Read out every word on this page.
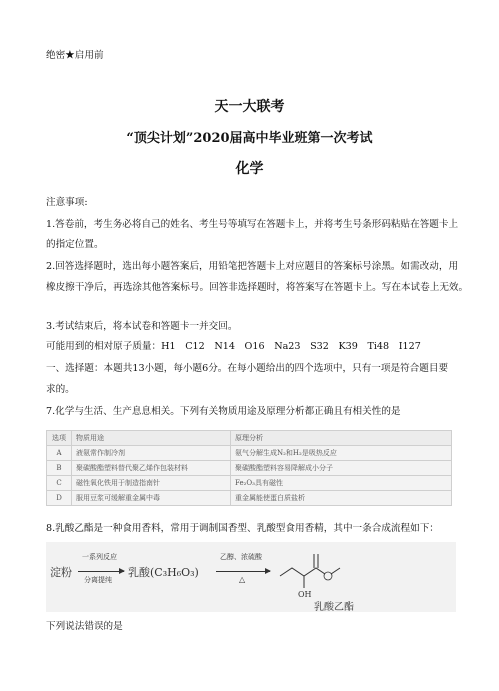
绝密★启用前
天一大联考
“顶尖计划”2020届高中毕业班第一次考试
化学
注意事项:
1.答卷前，考生务必将自己的姓名、考生号等填写在答题卡上，并将考生号条形码粘贴在答题卡上
的指定位置。
2.回答选择题时，选出每小题答案后，用铅笔把答题卡上对应题目的答案标号涂黑。如需改动，用
橡皮擦干净后，再选涂其他答案标号。回答非选择题时，将答案写在答题卡上。写在本试卷上无效。
3.考试结束后，将本试卷和答题卡一并交回。
可能用到的相对原子质量：H1　C12　N14　O16　Na23　S32　K39　Ti48　I127
一、选择题：本题共13小题，每小题6分。在每小题给出的四个选项中，只有一项是符合题目要
求的。
7.化学与生活、生产息息相关。下列有关物质用途及原理分析都正确且有相关性的是
选项	物质用途	原理分析
A	液氨常作制冷剂	氨气分解生成N₂和H₂是吸热反应
B	聚碳酸酯塑料替代聚乙烯作包装材料	聚碳酸酯塑料容易降解成小分子
C	磁性氧化铁用于制造指南针	Fe₂O₃具有磁性
D	服用豆浆可缓解重金属中毒	重金属能使蛋白质盐析
8.乳酸乙酯是一种食用香料，常用于调制国香型、乳酸型食用香精，其中一条合成流程如下：
淀粉
一系列反应
分离提纯
乳酸(C₃H₆O₃)
乙醇、浓硫酸
△
OH
乳酸乙酯
下列说法错误的是
